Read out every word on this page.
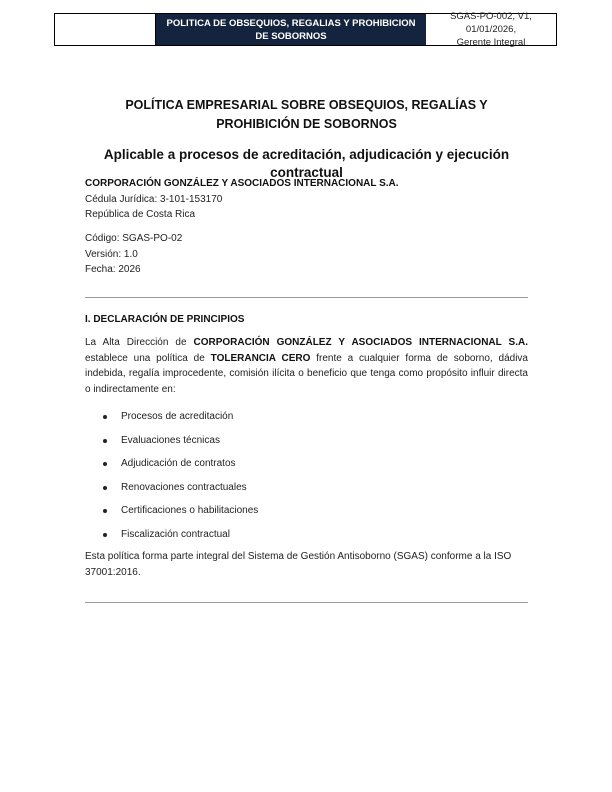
POLITICA DE OBSEQUIOS, REGALIAS Y PROHIBICION DE SOBORNOS
SGAS-PO-002, V1, 01/01/2026,
Gerente Integral
POLÍTICA EMPRESARIAL SOBRE OBSEQUIOS, REGALÍAS Y PROHIBICIÓN DE SOBORNOS
Aplicable a procesos de acreditación, adjudicación y ejecución contractual
CORPORACIÓN GONZÁLEZ Y ASOCIADOS INTERNACIONAL S.A.
Cédula Jurídica: 3-101-153170
República de Costa Rica
Código: SGAS-PO-02
Versión: 1.0
Fecha: 2026
I. DECLARACIÓN DE PRINCIPIOS
La Alta Dirección de CORPORACIÓN GONZÁLEZ Y ASOCIADOS INTERNACIONAL S.A. establece una política de TOLERANCIA CERO frente a cualquier forma de soborno, dádiva indebida, regalía improcedente, comisión ilícita o beneficio que tenga como propósito influir directa o indirectamente en:
Procesos de acreditación
Evaluaciones técnicas
Adjudicación de contratos
Renovaciones contractuales
Certificaciones o habilitaciones
Fiscalización contractual
Esta política forma parte integral del Sistema de Gestión Antisoborno (SGAS) conforme a la ISO 37001:2016.
